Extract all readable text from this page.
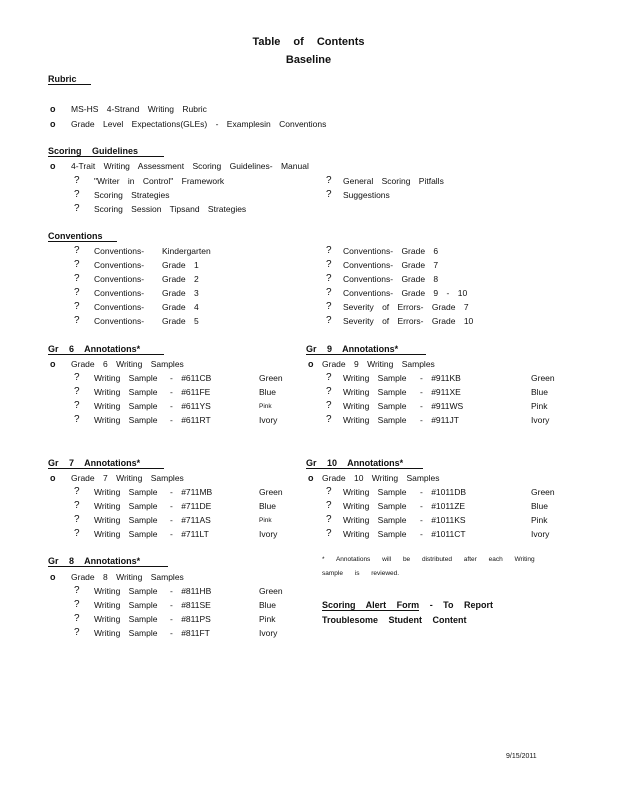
Table of Contents
Baseline
Rubric
o MS-HS 4-Strand Writing Rubric
o Grade Level Expectations(GLEs) - Examplesin Conventions
Scoring Guidelines
o 4-Trait Writing Assessment Scoring Guidelines- Manual
? "Writer in Control" Framework
? Scoring Strategies
? Scoring Session Tipsand Strategies
? General Scoring Pitfalls
? Suggestions
Conventions
? Conventions- Kindergarten
? Conventions- Grade 1
? Conventions- Grade 2
? Conventions- Grade 3
? Conventions- Grade 4
? Conventions- Grade 5
? Conventions- Grade 6
? Conventions- Grade 7
? Conventions- Grade 8
? Conventions- Grade 9 - 10
? Severity of Errors- Grade 7
? Severity of Errors- Grade 10
Gr 6 Annotations*
o Grade 6 Writing Samples
? Writing Sample - #611CB	Green
? Writing Sample - #611FE	Blue
? Writing Sample - #611YS	Pink
? Writing Sample - #611RT	Ivory
Gr 9 Annotations*
o Grade 9 Writing Samples
? Writing Sample - #911KB	Green
? Writing Sample - #911XE	Blue
? Writing Sample - #911WS	Pink
? Writing Sample - #911JT	Ivory
Gr 7 Annotations*
o Grade 7 Writing Samples
? Writing Sample - #711MB	Green
? Writing Sample - #711DE	Blue
? Writing Sample - #711AS	Pink
? Writing Sample - #711LT	Ivory
Gr 10 Annotations*
o Grade 10 Writing Samples
? Writing Sample - #1011DB	Green
? Writing Sample - #1011ZE	Blue
? Writing Sample - #1011KS	Pink
? Writing Sample - #1011CT	Ivory
Gr 8 Annotations*
o Grade 8 Writing Samples
? Writing Sample - #811HB	Green
? Writing Sample - #811SE	Blue
? Writing Sample - #811PS	Pink
? Writing Sample - #811FT	Ivory
* Annotations will be distributed after each Writing
sample is reviewed.
Scoring Alert Form - To Report
Troublesome Student Content
9/15/2011
